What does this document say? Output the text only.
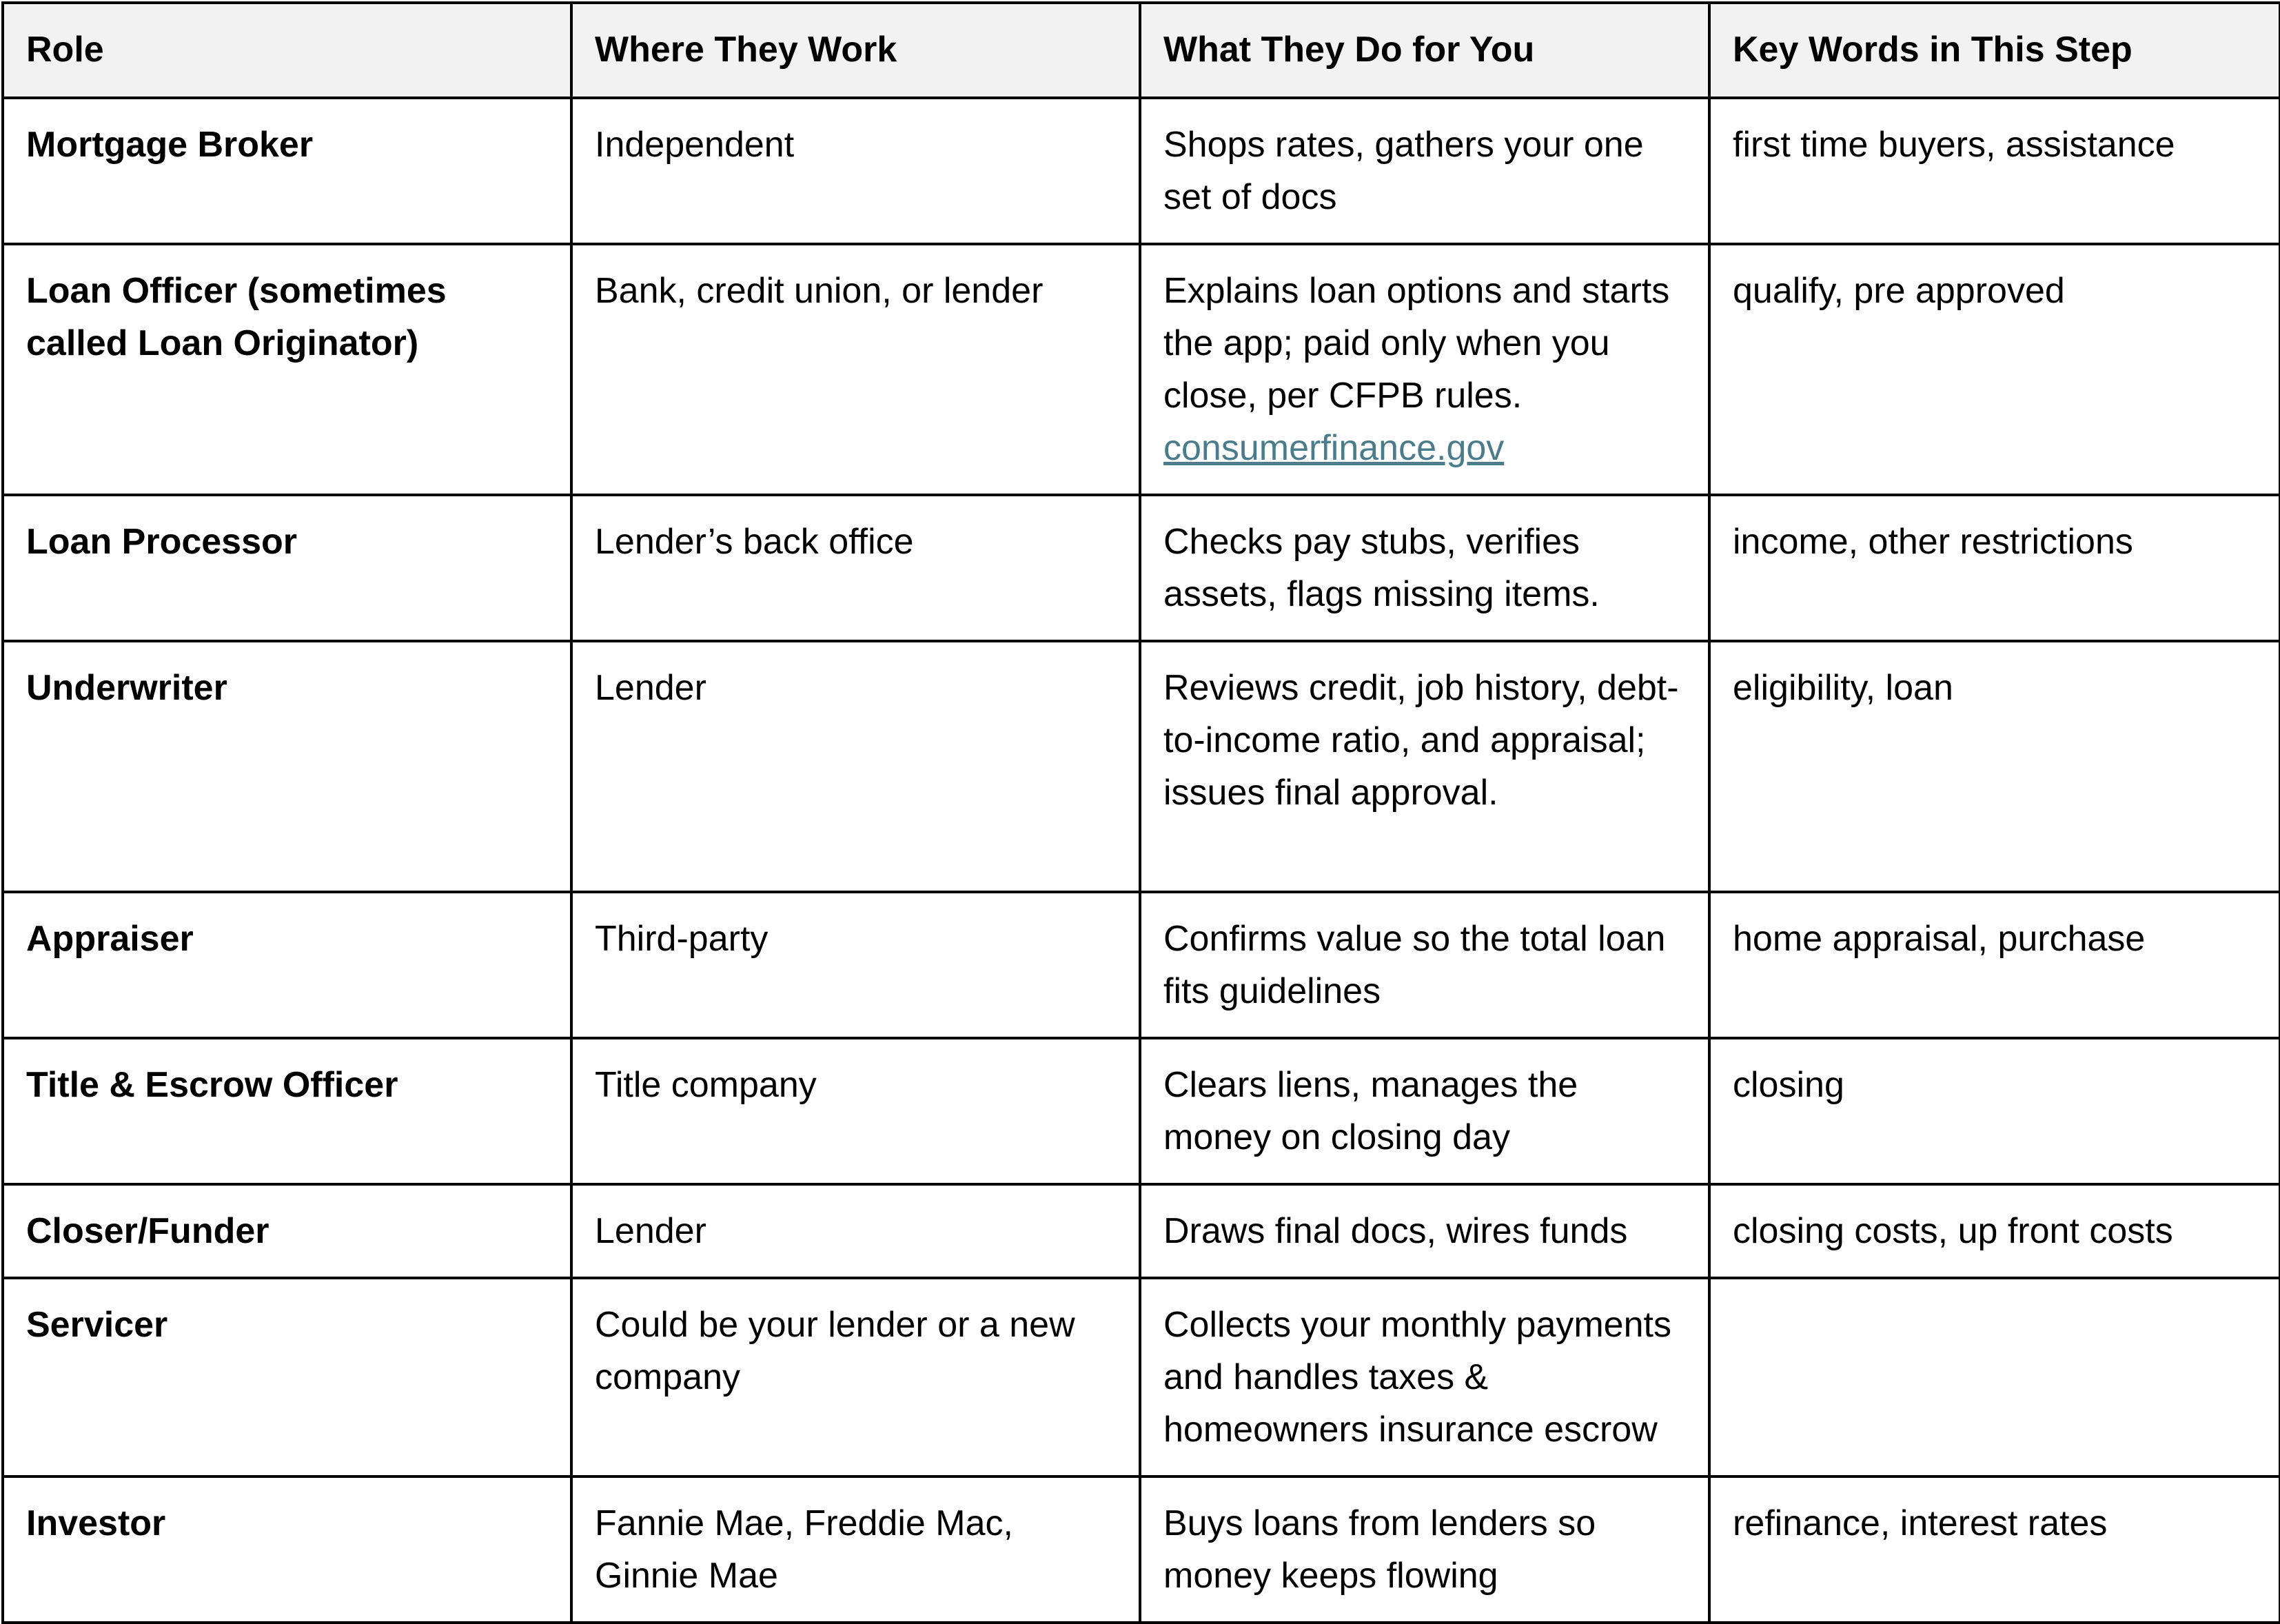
Role	Where They Work	What They Do for You	Key Words in This Step
Mortgage Broker	Independent	Shops rates, gathers your one set of docs	first time buyers, assistance
Loan Officer (sometimes called Loan Originator)	Bank, credit union, or lender	Explains loan options and starts the app; paid only when you close, per CFPB rules. consumerfinance.gov	qualify, pre approved
Loan Processor	Lender’s back office	Checks pay stubs, verifies assets, flags missing items.	income, other restrictions
Underwriter	Lender	Reviews credit, job history, debt-to-income ratio, and appraisal; issues final approval.	eligibility, loan
Appraiser	Third-party	Confirms value so the total loan fits guidelines	home appraisal, purchase
Title & Escrow Officer	Title company	Clears liens, manages the money on closing day	closing
Closer/Funder	Lender	Draws final docs, wires funds	closing costs, up front costs
Servicer	Could be your lender or a new company	Collects your monthly payments and handles taxes & homeowners insurance escrow	
Investor	Fannie Mae, Freddie Mac, Ginnie Mae	Buys loans from lenders so money keeps flowing	refinance, interest rates
